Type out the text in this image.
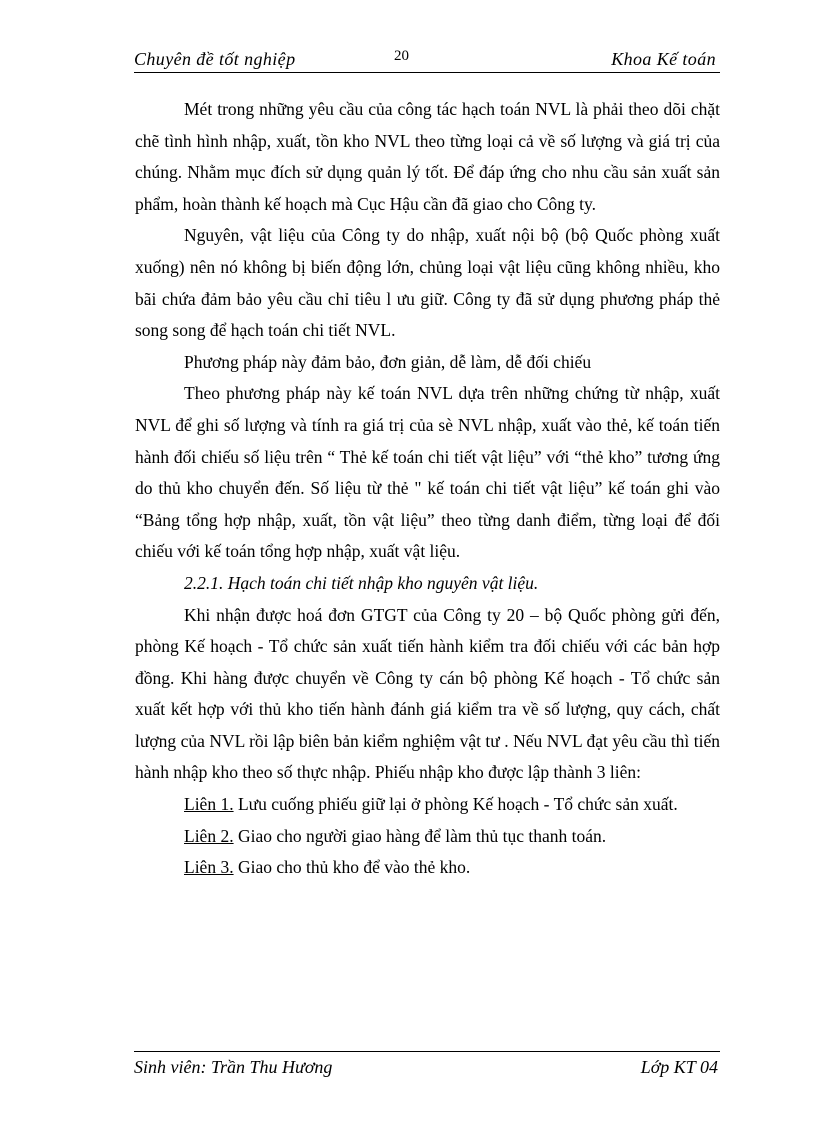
Chuyên đề tốt nghiệp	20	Khoa Kế toán

Mét trong những yêu cầu của công tác hạch toán NVL là phải theo dõi chặt chẽ tình hình nhập, xuất, tồn kho NVL theo từng loại cả về số lượng và giá trị của chúng. Nhằm mục đích sử dụng quản lý tốt. Để đáp ứng cho nhu cầu sản xuất sản phẩm, hoàn thành kế hoạch mà Cục Hậu cần đã giao cho Công ty.

Nguyên, vật liệu của Công ty do nhập, xuất nội bộ (bộ Quốc phòng xuất xuống) nên nó không bị biến động lớn, chủng loại vật liệu cũng không nhiều, kho bãi chứa đảm bảo yêu cầu chỉ tiêu l ưu giữ. Công ty đã sử dụng phương pháp thẻ song song để hạch toán chi tiết NVL.

Phương pháp này đảm bảo, đơn giản, dễ làm, dễ đối chiếu

Theo phương pháp này kế toán NVL dựa trên những chứng từ nhập, xuất NVL để ghi số lượng và tính ra giá trị của sè NVL nhập, xuất vào thẻ, kế toán tiến hành đối chiếu số liệu trên “ Thẻ kế toán chi tiết vật liệu” với “thẻ kho” tương ứng do thủ kho chuyển đến. Số liệu từ thẻ " kế toán chi tiết vật liệu” kế toán ghi vào “Bảng tổng hợp nhập, xuất, tồn vật liệu” theo từng danh điểm, từng loại để đối chiếu với kế toán tổng hợp nhập, xuất vật liệu.

2.2.1. Hạch toán chi tiết nhập kho nguyên vật liệu.

Khi nhận được hoá đơn GTGT của Công ty 20 – bộ Quốc phòng gửi đến, phòng Kế hoạch - Tổ chức sản xuất tiến hành kiểm tra đối chiếu với các bản hợp đồng. Khi hàng được chuyển về Công ty cán bộ phòng Kế hoạch - Tổ chức sản xuất kết hợp với thủ kho tiến hành đánh giá kiểm tra về số lượng, quy cách, chất lượng của NVL rồi lập biên bản kiểm nghiệm vật tư . Nếu NVL đạt yêu cầu thì tiến hành nhập kho theo số thực nhập. Phiếu nhập kho được lập thành 3 liên:

Liên 1. Lưu cuống phiếu giữ lại ở phòng Kế hoạch - Tổ chức sản xuất.

Liên 2. Giao cho người giao hàng để làm thủ tục thanh toán.

Liên 3. Giao cho thủ kho để vào thẻ kho.

Sinh viên: Trần Thu Hương	Lớp KT 04
